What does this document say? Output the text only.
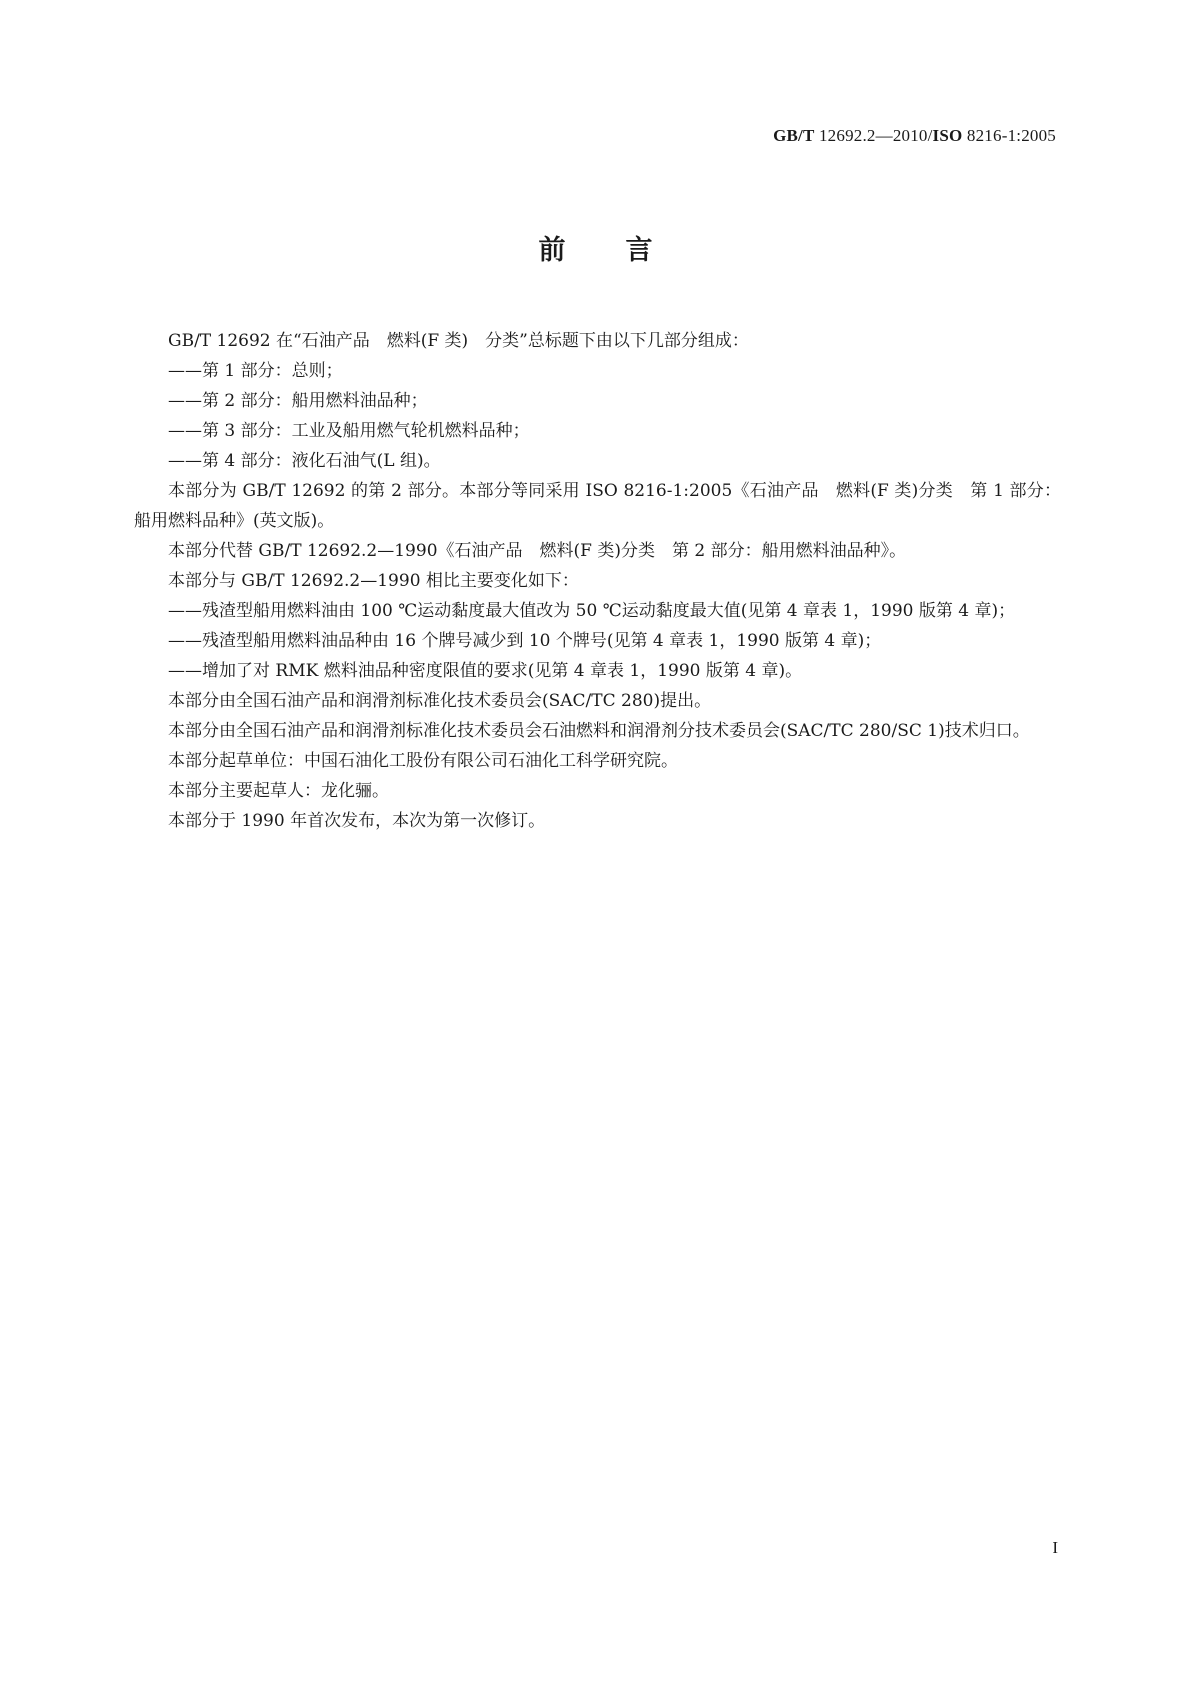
GB/T 12692.2—2010/ISO 8216-1:2005
前言

GB/T 12692 在“石油产品　燃料(F 类)　分类”总标题下由以下几部分组成：

——第 1 部分：总则；

——第 2 部分：船用燃料油品种；

——第 3 部分：工业及船用燃气轮机燃料品种；

——第 4 部分：液化石油气(L 组)。

本部分为 GB/T 12692 的第 2 部分。本部分等同采用 ISO 8216-1:2005《石油产品　燃料(F 类)分类　第 1 部分：船用燃料品种》(英文版)。

本部分代替 GB/T 12692.2—1990《石油产品　燃料(F 类)分类　第 2 部分：船用燃料油品种》。

本部分与 GB/T 12692.2—1990 相比主要变化如下：

——残渣型船用燃料油由 100 ℃运动黏度最大值改为 50 ℃运动黏度最大值(见第 4 章表 1，1990 版第 4 章)；

——残渣型船用燃料油品种由 16 个牌号减少到 10 个牌号(见第 4 章表 1，1990 版第 4 章)；

——增加了对 RMK 燃料油品种密度限值的要求(见第 4 章表 1，1990 版第 4 章)。

本部分由全国石油产品和润滑剂标准化技术委员会(SAC/TC 280)提出。

本部分由全国石油产品和润滑剂标准化技术委员会石油燃料和润滑剂分技术委员会(SAC/TC 280/SC 1)技术归口。

本部分起草单位：中国石油化工股份有限公司石油化工科学研究院。

本部分主要起草人：龙化骊。

本部分于 1990 年首次发布，本次为第一次修订。

I
